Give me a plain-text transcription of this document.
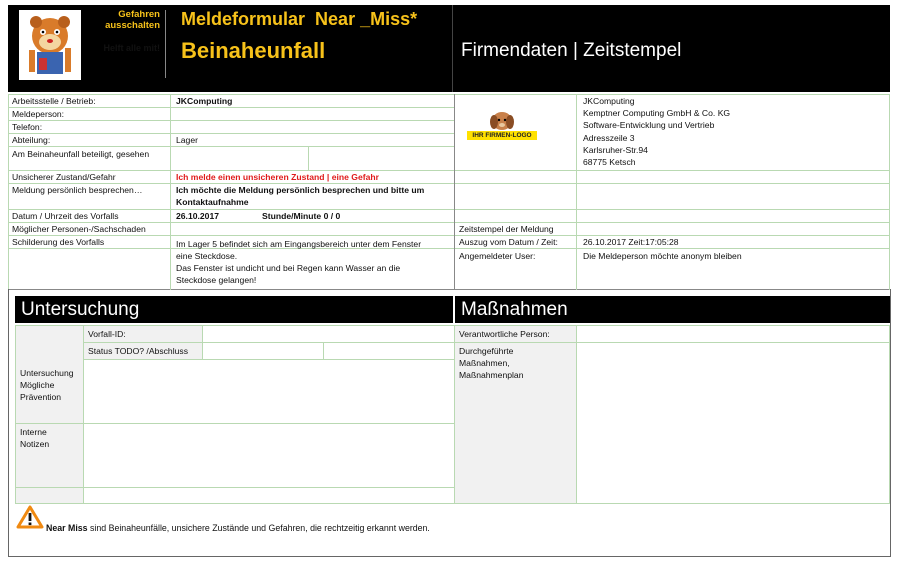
Gefahren
ausschalten
Helft alle mit!
Meldeformular Near _Miss*
Beinaheunfall	Firmendaten | Zeitstempel
Arbeitsstelle / Betrieb:	JKComputing
Meldeperson:
Telefon:
Abteilung:	Lager
Am Beinaheunfall beteiligt, gesehen
Unsicherer Zustand/Gefahr	Ich melde einen unsicheren Zustand | eine Gefahr
Meldung persönlich besprechen…	Ich möchte die Meldung persönlich besprechen und bitte um
Kontaktaufnahme
Datum / Uhrzeit des Vorfalls	26.10.2017	Stunde/Minute 0 / 0
Möglicher Personen-/Sachschaden
Schilderung des Vorfalls	Im Lager 5 befindet sich am Eingangsbereich unter dem Fenster
eine Steckdose.
Das Fenster ist undicht und bei Regen kann Wasser an die
Steckdose gelangen!
IHR FIRMEN-LOGO
JKComputing
Kemptner Computing GmbH & Co. KG
Software-Entwicklung und Vertrieb
Adresszeile 3
Karlsruher-Str.94
68775 Ketsch
Zeitstempel der Meldung
Auszug vom Datum / Zeit:	26.10.2017 Zeit:17:05:28
Angemeldeter User:	Die Meldeperson möchte anonym bleiben
Untersuchung	Maßnahmen
Vorfall-ID:
Status TODO? /Abschluss
Untersuchung
Mögliche
Prävention
Interne
Notizen
Verantwortliche Person:
Durchgeführte
Maßnahmen,
Maßnahmenplan
Near Miss sind Beinaheunfälle, unsichere Zustände und Gefahren, die rechtzeitig erkannt werden.
